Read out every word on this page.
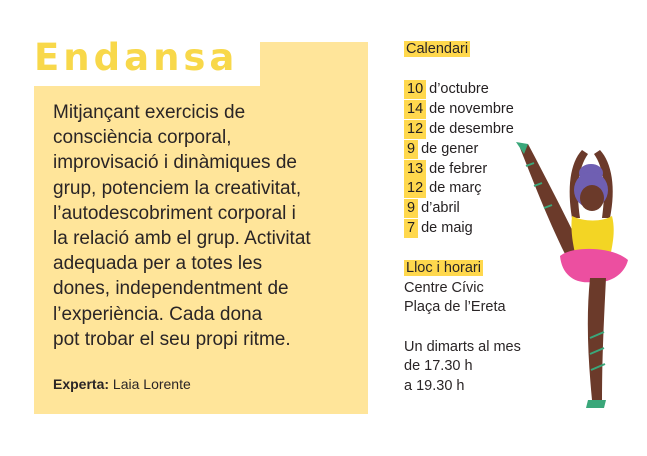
Endansa
Mitjançant exercicis de
consciència corporal,
improvisació i dinàmiques de
grup, potenciem la creativitat,
l’autodescobriment corporal i
la relació amb el grup. Activitat
adequada per a totes les
dones, independentment de
l’experiència. Cada dona
pot trobar el seu propi ritme.
Experta: Laia Lorente
Calendari
10 d’octubre
14 de novembre
12 de desembre
9 de gener
13 de febrer
12 de març
9 d’abril
7 de maig
Lloc i horari
Centre Cívic
Plaça de l’Ereta
Un dimarts al mes
de 17.30 h
a 19.30 h
